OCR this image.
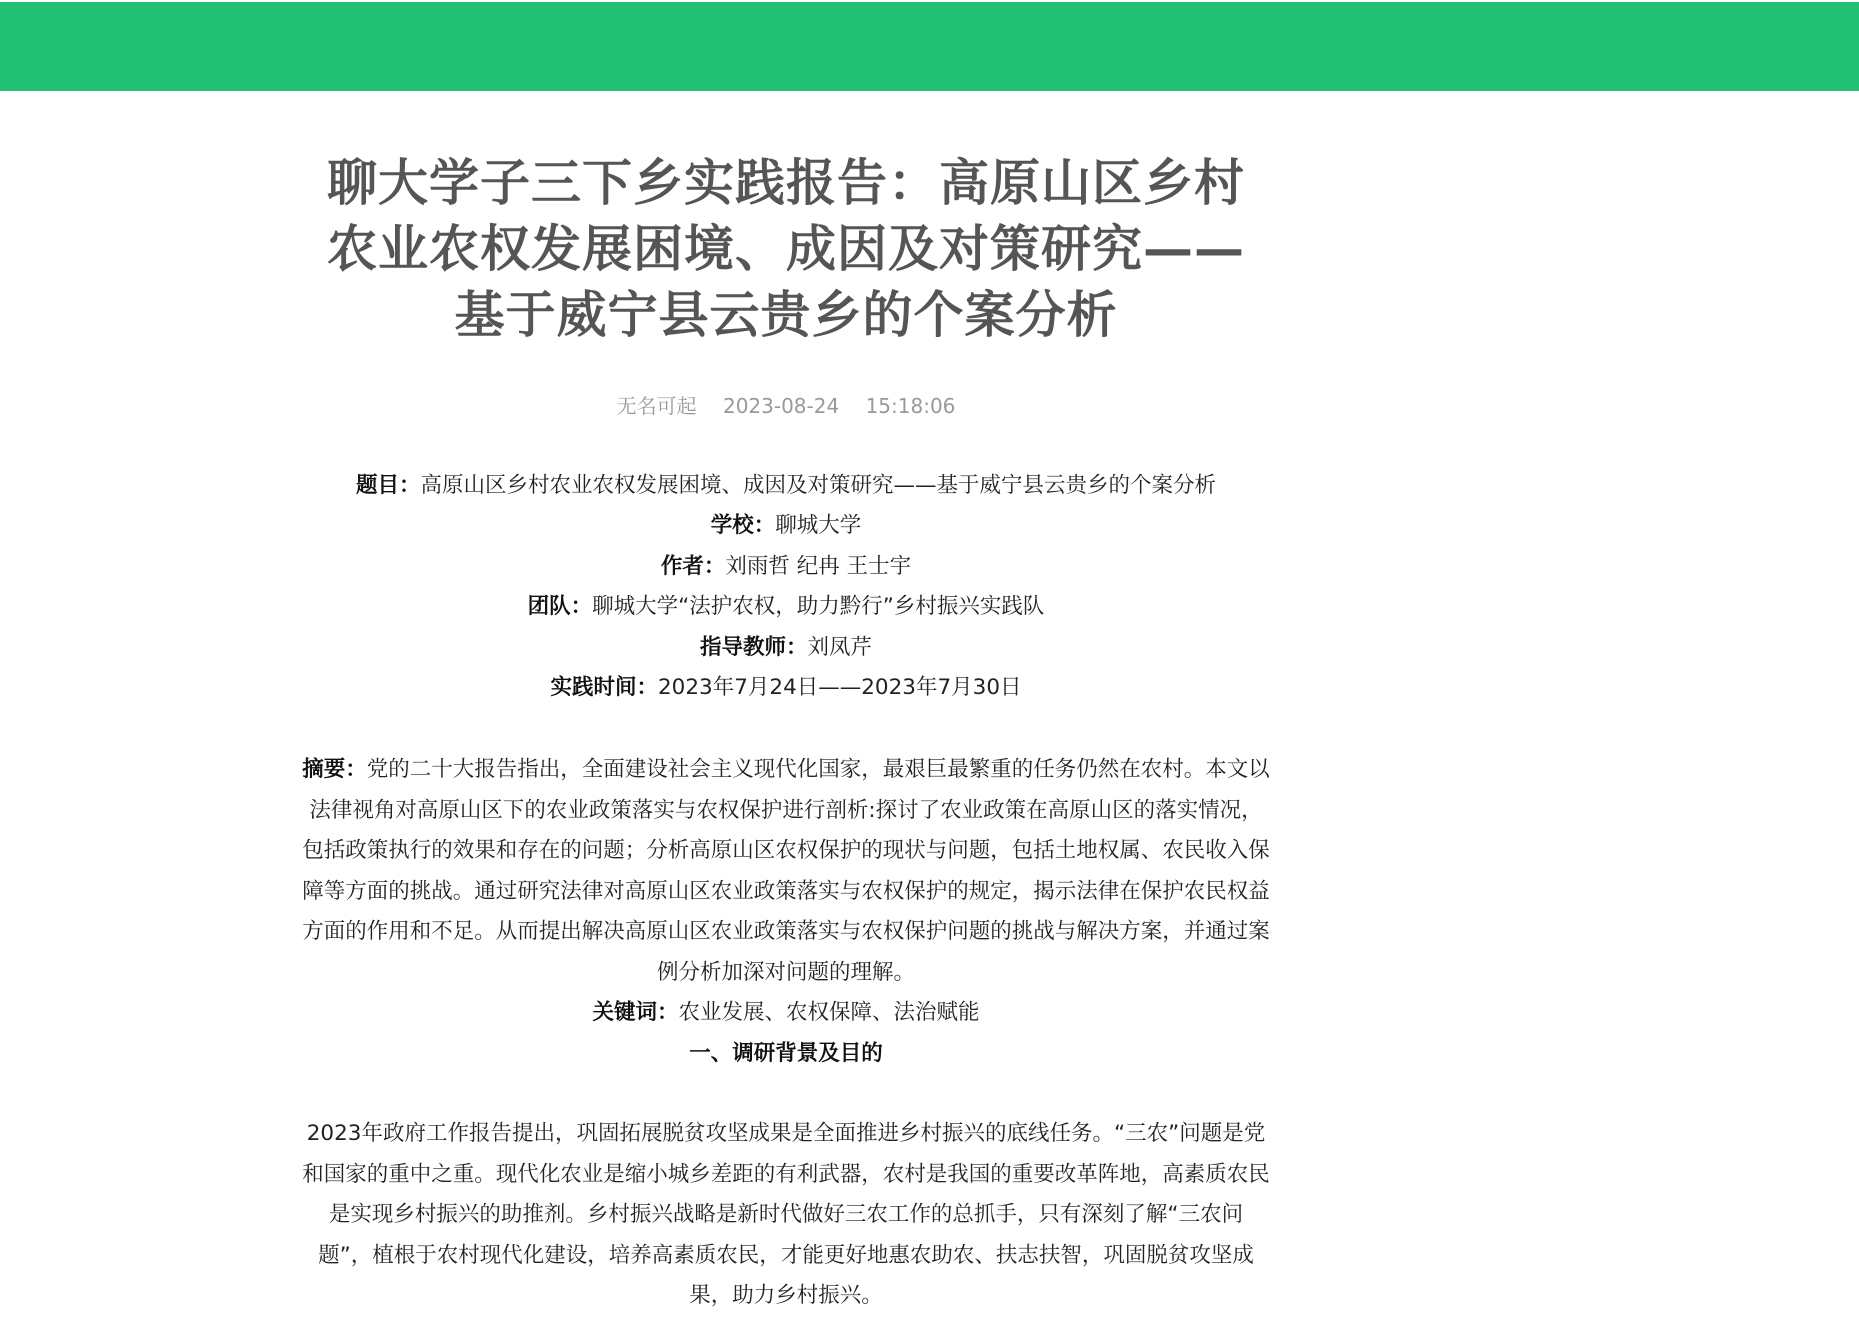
聊大学子三下乡实践报告：高原山区乡村农业农权发展困境、成因及对策研究——基于威宁县云贵乡的个案分析
无名可起 2023-08-24 15:18:06

题目：高原山区乡村农业农权发展困境、成因及对策研究——基于威宁县云贵乡的个案分析

学校：聊城大学

作者：刘雨哲 纪冉 王士宇

团队：聊城大学“法护农权，助力黔行”乡村振兴实践队

指导教师：刘凤芹

实践时间：2023年7月24日——2023年7月30日

摘要：党的二十大报告指出，全面建设社会主义现代化国家，最艰巨最繁重的任务仍然在农村。本文以法律视角对高原山区下的农业政策落实与农权保护进行剖析:探讨了农业政策在高原山区的落实情况，包括政策执行的效果和存在的问题；分析高原山区农权保护的现状与问题，包括土地权属、农民收入保障等方面的挑战。通过研究法律对高原山区农业政策落实与农权保护的规定，揭示法律在保护农民权益方面的作用和不足。从而提出解决高原山区农业政策落实与农权保护问题的挑战与解决方案，并通过案例分析加深对问题的理解。

关键词：农业发展、农权保障、法治赋能

一、调研背景及目的

2023年政府工作报告提出，巩固拓展脱贫攻坚成果是全面推进乡村振兴的底线任务。“三农”问题是党和国家的重中之重。现代化农业是缩小城乡差距的有利武器，农村是我国的重要改革阵地，高素质农民是实现乡村振兴的助推剂。乡村振兴战略是新时代做好三农工作的总抓手，只有深刻了解“三农问题”，植根于农村现代化建设，培养高素质农民，才能更好地惠农助农、扶志扶智，巩固脱贫攻坚成果，助力乡村振兴。
